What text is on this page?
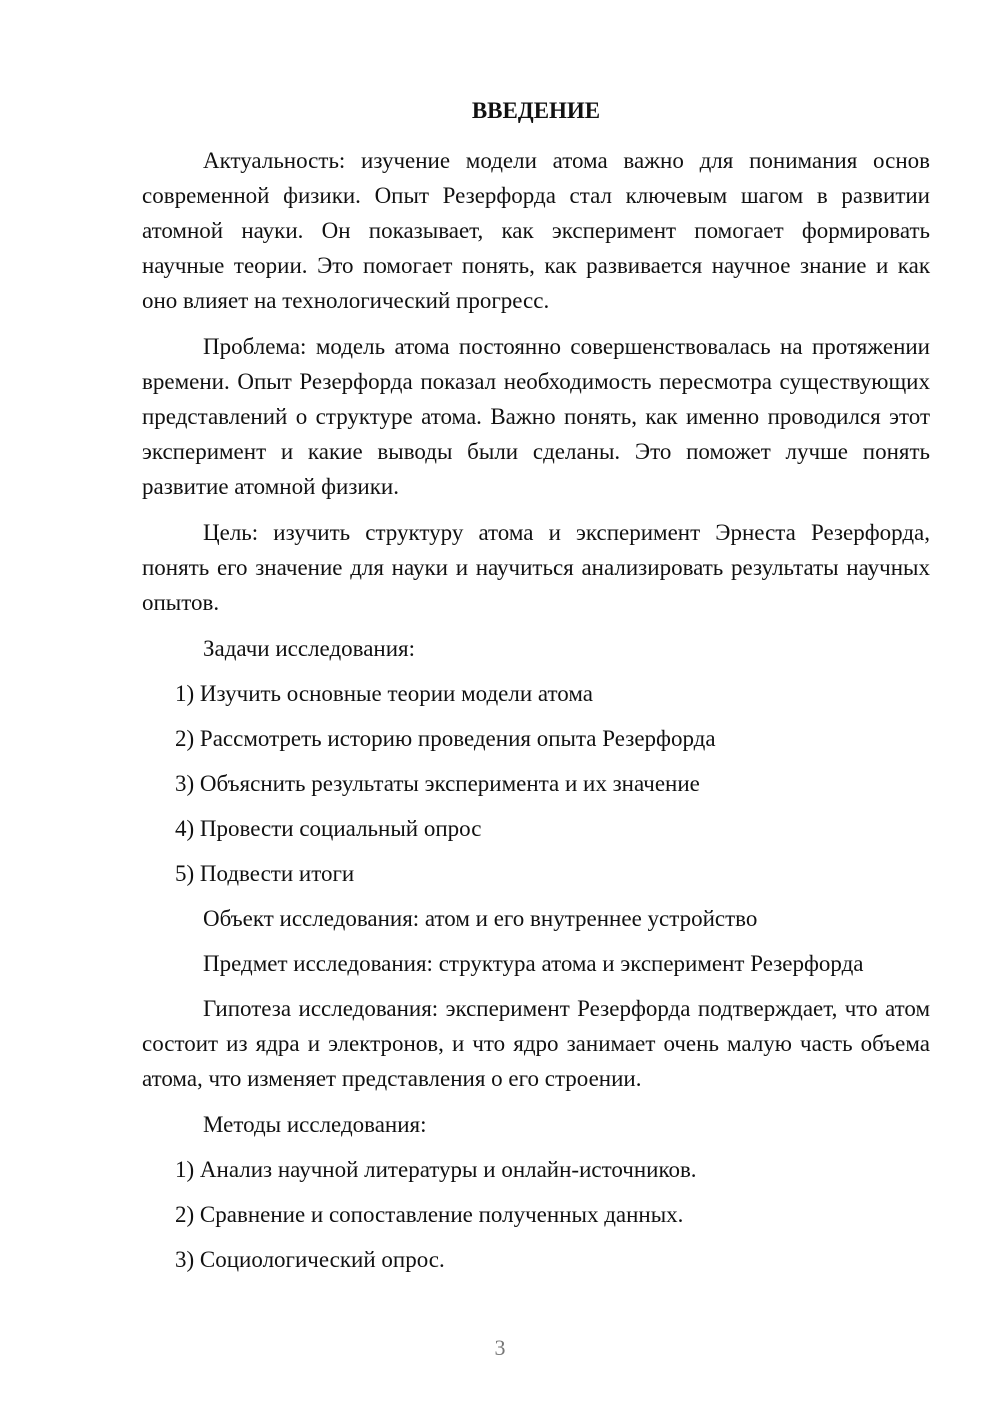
ВВЕДЕНИЕ

Актуальность: изучение модели атома важно для понимания основ современной физики. Опыт Резерфорда стал ключевым шагом в развитии атомной науки. Он показывает, как эксперимент помогает формировать научные теории. Это помогает понять, как развивается научное знание и как оно влияет на технологический прогресс.

Проблема: модель атома постоянно совершенствовалась на протяжении времени. Опыт Резерфорда показал необходимость пересмотра существующих представлений о структуре атома. Важно понять, как именно проводился этот эксперимент и какие выводы были сделаны. Это поможет лучше понять развитие атомной физики.

Цель: изучить структуру атома и эксперимент Эрнеста Резерфорда, понять его значение для науки и научиться анализировать результаты научных опытов.

Задачи исследования:

1) Изучить основные теории модели атома

2) Рассмотреть историю проведения опыта Резерфорда

3) Объяснить результаты эксперимента и их значение

4) Провести социальный опрос

5) Подвести итоги

Объект исследования: атом и его внутреннее устройство

Предмет исследования: структура атома и эксперимент Резерфорда

Гипотеза исследования: эксперимент Резерфорда подтверждает, что атом состоит из ядра и электронов, и что ядро занимает очень малую часть объема атома, что изменяет представления о его строении.

Методы исследования:

1) Анализ научной литературы и онлайн-источников.

2) Сравнение и сопоставление полученных данных.

3) Социологический опрос.

3
